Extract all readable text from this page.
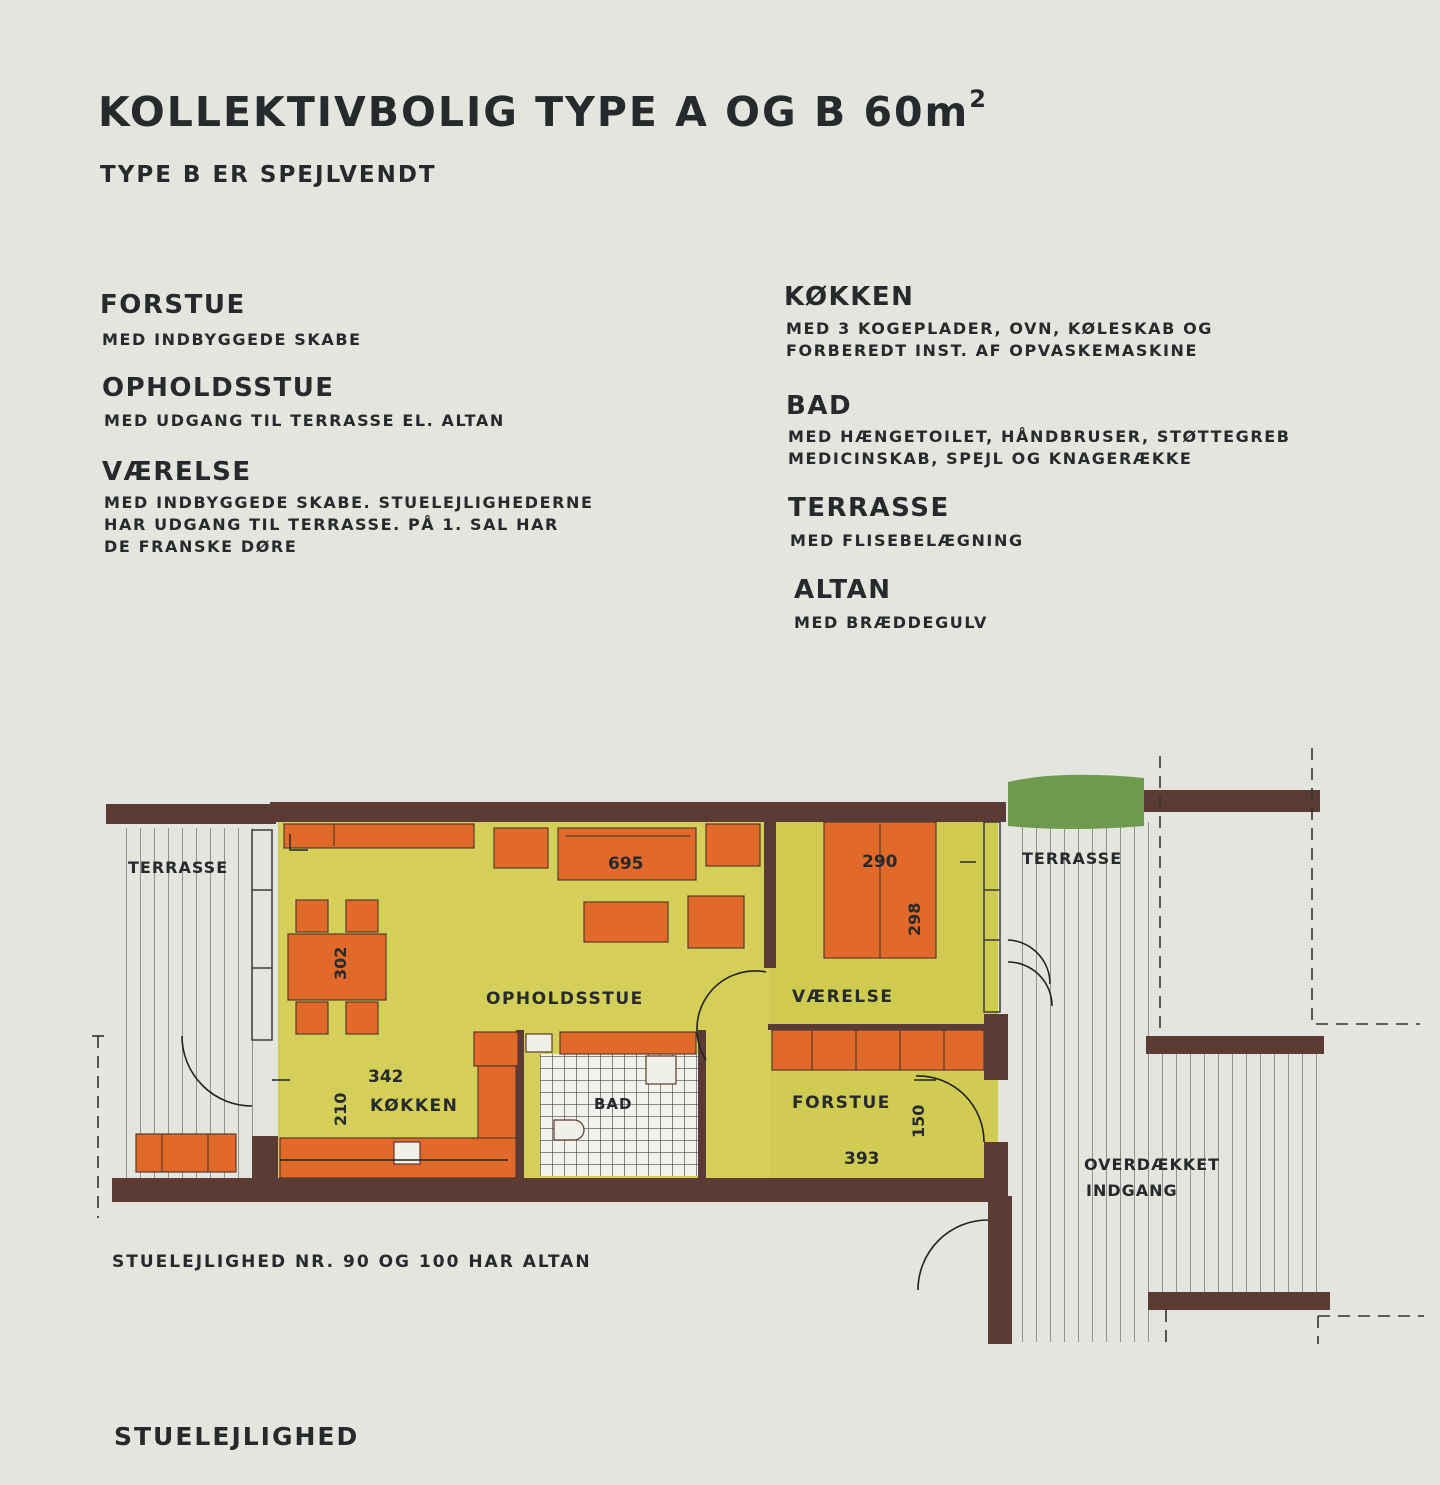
KOLLEKTIVBOLIG TYPE A OG B $60m^2$
TYPE B ER SPEJLVENDT
FORSTUE
MED INDBYGGEDE SKABE
OPHOLDSSTUE
MED UDGANG TIL TERRASSE EL. ALTAN
VÆRELSE
MED INDBYGGEDE SKABE. STUELEJLIGHEDERNE
HAR UDGANG TIL TERRASSE. PÅ 1. SAL HAR
DE FRANSKE DØRE
KØKKEN
MED 3 KOGEPLADER, OVN, KØLESKAB OG
FORBEREDT INST. AF OPVASKEMASKINE
BAD
MED HÆNGETOILET, HÅNDBRUSER, STØTTEGREB
MEDICINSKAB, SPEJL OG KNAGERÆKKE
TERRASSE
MED FLISEBELÆGNING
ALTAN
MED BRÆDDEGULV
TERRASSE	TERRASSE
OPHOLDSSTUE	VÆRELSE
KØKKEN	BAD	FORSTUE
OVERDÆKKET
INDGANG
695	290
298
302
342
210	150
393
STUELEJLIGHED NR. 90 OG 100 HAR ALTAN
STUELEJLIGHED
